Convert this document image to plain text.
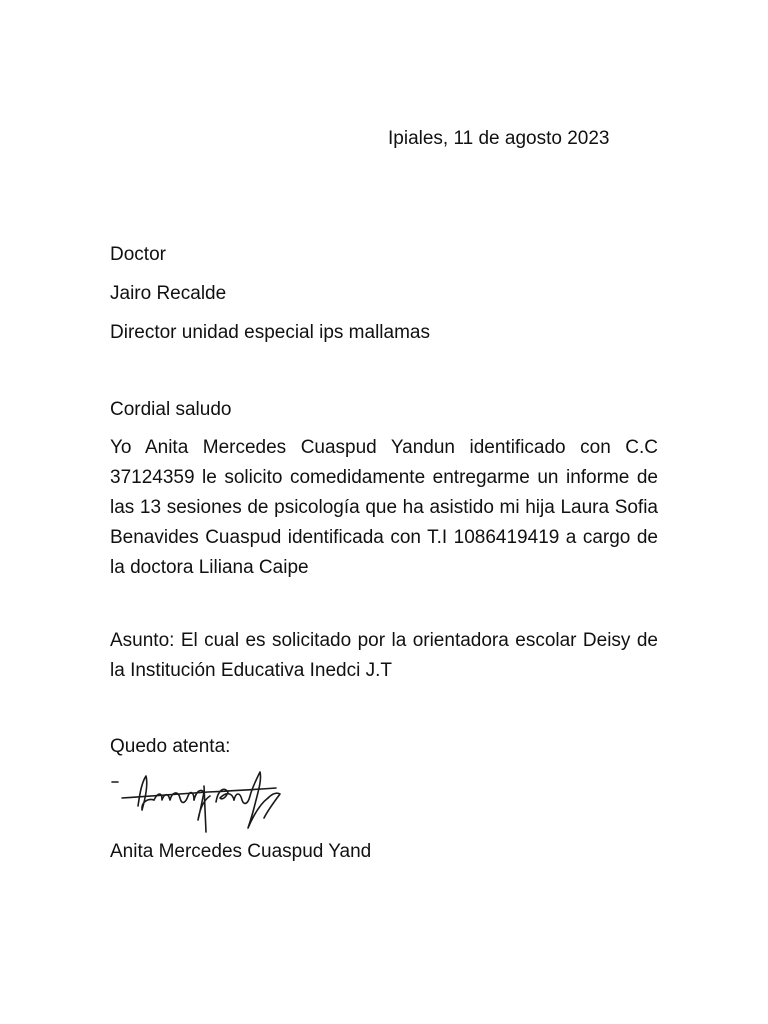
Ipiales, 11 de agosto 2023
Doctor
Jairo Recalde
Director unidad especial ips mallamas
Cordial saludo
Yo Anita Mercedes Cuaspud Yandun identificado con C.C 37124359 le solicito comedidamente entregarme un informe de las 13 sesiones de psicología que ha asistido mi hija Laura Sofia Benavides Cuaspud identificada con T.I 1086419419 a cargo de la doctora Liliana Caipe
Asunto: El cual es solicitado por la orientadora escolar Deisy de la Institución Educativa Inedci J.T
Quedo atenta:
Anita Mercedes Cuaspud Yand
